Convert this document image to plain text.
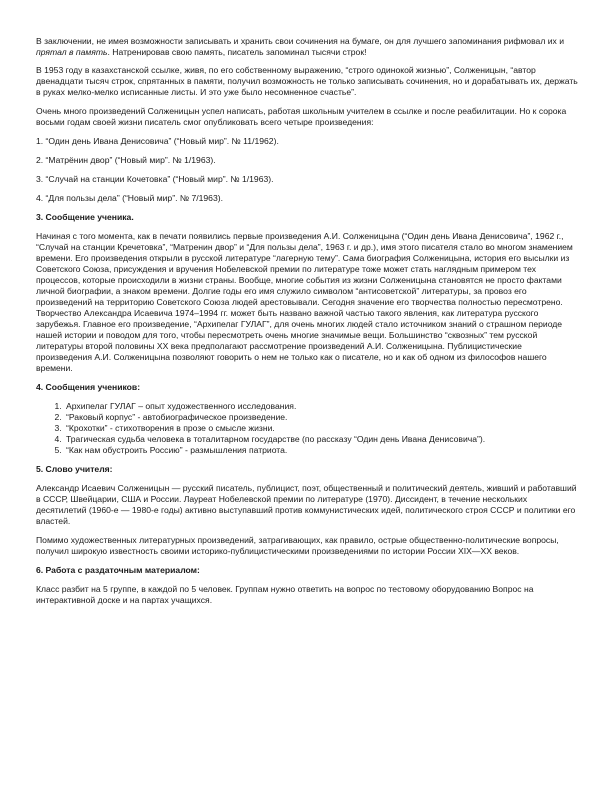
В заключении, не имея возможности записывать и хранить свои сочинения на бумаге, он для лучшего запоминания рифмовал их и прятал в память. Натренировав свою память, писатель запоминал тысячи строк!

В 1953 году в казахстанской ссылке, живя, по его собственному выражению, “строго одинокой жизнью”, Солженицын, “автор двенадцати тысяч строк, спрятанных в памяти, получил возможность не только записывать сочинения, но и дорабатывать их, держать в руках мелко-мелко исписанные листы. И это уже было несомненное счастье”.

Очень много произведений Солженицын успел написать, работая школьным учителем в ссылке и после реабилитации. Но к сорока восьми годам своей жизни писатель смог опубликовать всего четыре произведения:

1. “Один день Ивана Денисовича” (“Новый мир”. № 11/1962).

2. “Матрёнин двор” (“Новый мир”. № 1/1963).

3. “Случай на станции Кочетовка” (“Новый мир”. № 1/1963).

4. “Для пользы дела” (“Новый мир”. № 7/1963).

3. Сообщение ученика.

Начиная с того момента, как в печати появились первые произведения А.И. Солженицына (“Один день Ивана Денисовича”, 1962 г., “Случай на станции Кречетовка”, “Матренин двор” и “Для пользы дела”, 1963 г. и др.), имя этого писателя стало во многом знамением времени. Его произведения открыли в русской литературе “лагерную тему”. Сама биография Солженицына, история его высылки из Советского Союза, присуждения и вручения Нобелевской премии по литературе тоже может стать наглядным примером тех процессов, которые происходили в жизни страны. Вообще, многие события из жизни Солженицына становятся не просто фактами личной биографии, а знаком времени. Долгие годы его имя служило символом “антисоветской” литературы, за провоз его произведений на территорию Советского Союза людей арестовывали. Сегодня значение его творчества полностью пересмотрено. Творчество Александра Исаевича 1974–1994 гг. может быть названо важной частью такого явления, как литература русского зарубежья. Главное его произведение, “Архипелаг ГУЛАГ”, для очень многих людей стало источником знаний о страшном периоде нашей истории и поводом для того, чтобы пересмотреть очень многие значимые вещи. Большинство “сквозных” тем русской литературы второй половины XX века предполагают рассмотрение произведений А.И. Солженицына. Публицистические произведения А.И. Солженицына позволяют говорить о нем не только как о писателе, но и как об одном из философов нашего времени.

4. Сообщения учеников:
1. Архипелаг ГУЛАГ – опыт художественного исследования.
2. “Раковый корпус” - автобиографическое произведение.
3. “Крохотки” - стихотворения в прозе о смысле жизни.
4. Трагическая судьба человека в тоталитарном государстве (по рассказу “Один день Ивана Денисовича”).
5. “Как нам обустроить Россию” - размышления патриота.
5. Слово учителя:

Александр Исаевич Солженицын — русский писатель, публицист, поэт, общественный и политический деятель, живший и работавший в СССР, Швейцарии, США и России. Лауреат Нобелевской премии по литературе (1970). Диссидент, в течение нескольких десятилетий (1960-е — 1980-е годы) активно выступавший против коммунистических идей, политического строя СССР и политики его властей.

Помимо художественных литературных произведений, затрагивающих, как правило, острые общественно-политические вопросы, получил широкую известность своими историко-публицистическими произведениями по истории России XIX—XX веков.

6. Работа с раздаточным материалом:

Класс разбит на 5 группе, в каждой по 5 человек. Группам нужно ответить на вопрос по тестовому оборудованию Вопрос на интерактивной доске и на партах учащихся.
